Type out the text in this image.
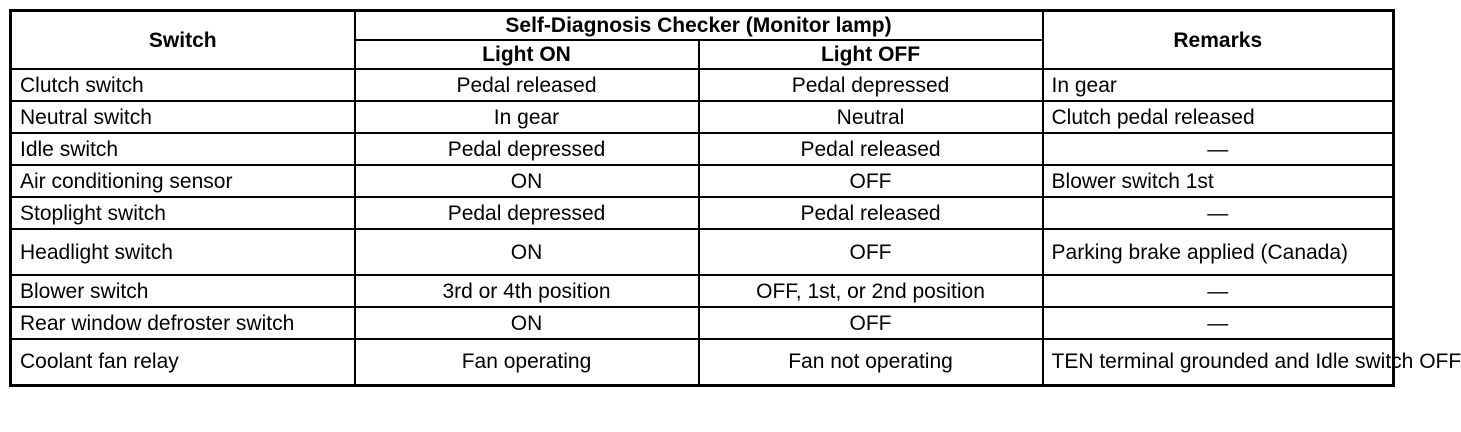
Switch	Self-Diagnosis Checker (Monitor lamp)		Remarks
	Light ON	Light OFF	
Clutch switch	Pedal released	Pedal depressed	In gear
Neutral switch	In gear	Neutral	Clutch pedal released
Idle switch	Pedal depressed	Pedal released	—
Air conditioning sensor	ON	OFF	Blower switch 1st
Stoplight switch	Pedal depressed	Pedal released	—
Headlight switch	ON	OFF	Parking brake applied (Canada)
Blower switch	3rd or 4th position	OFF, 1st, or 2nd position	—
Rear window defroster switch	ON	OFF	—
Coolant fan relay	Fan operating	Fan not operating	TEN terminal grounded and Idle switch OFF
